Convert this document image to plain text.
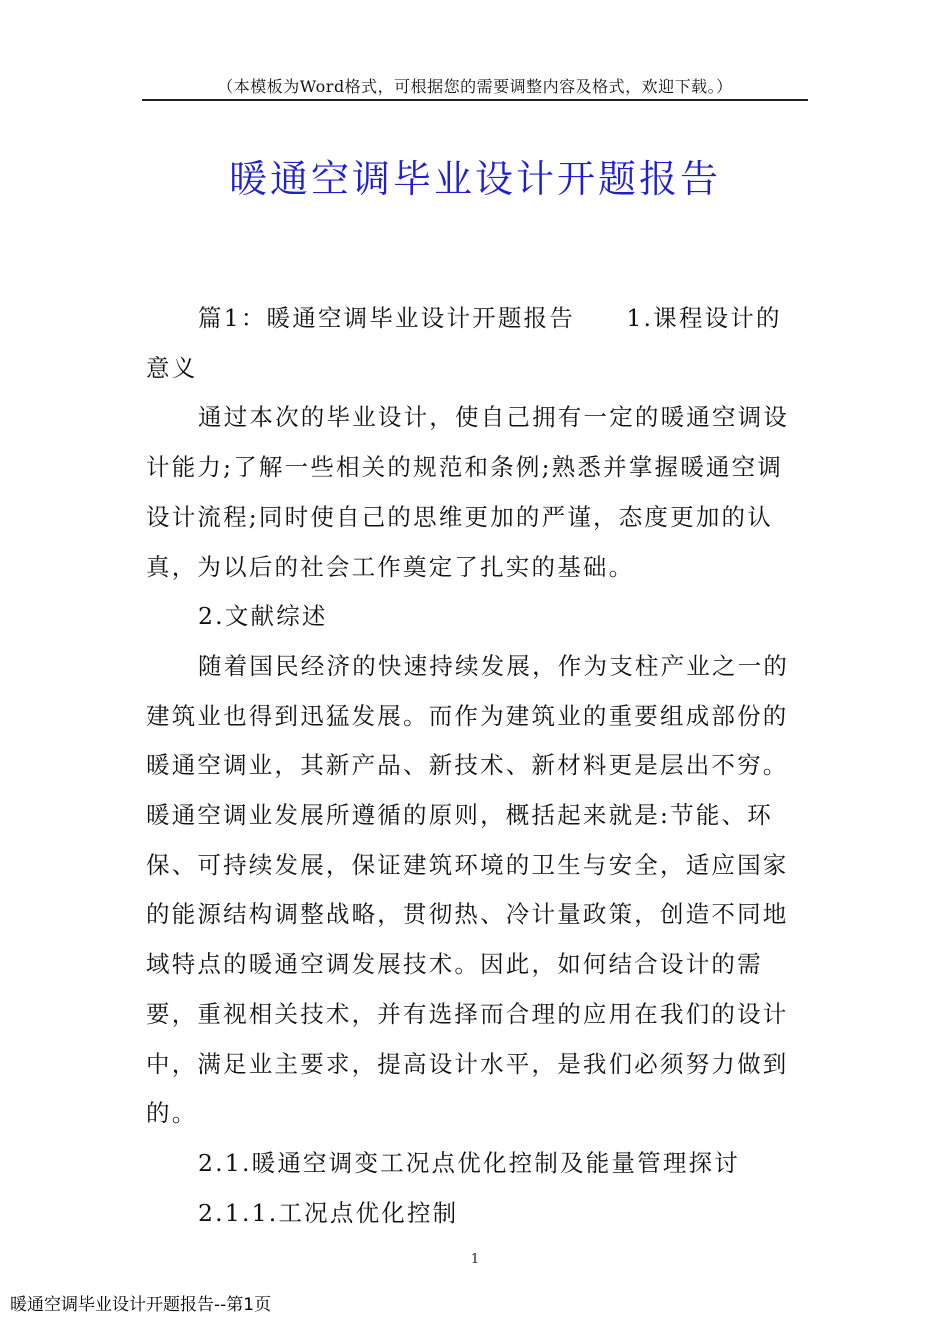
（本模板为Word格式，可根据您的需要调整内容及格式，欢迎下载。）
暖通空调毕业设计开题报告

篇1：暖通空调毕业设计开题报告　　1.课程设计的意义

通过本次的毕业设计，使自己拥有一定的暖通空调设计能力;了解一些相关的规范和条例;熟悉并掌握暖通空调设计流程;同时使自己的思维更加的严谨，态度更加的认真，为以后的社会工作奠定了扎实的基础。

2.文献综述

随着国民经济的快速持续发展，作为支柱产业之一的建筑业也得到迅猛发展。而作为建筑业的重要组成部份的暖通空调业，其新产品、新技术、新材料更是层出不穷。暖通空调业发展所遵循的原则，概括起来就是:节能、环保、可持续发展，保证建筑环境的卫生与安全，适应国家的能源结构调整战略，贯彻热、冷计量政策，创造不同地域特点的暖通空调发展技术。因此，如何结合设计的需要，重视相关技术，并有选择而合理的应用在我们的设计中，满足业主要求，提高设计水平，是我们必须努力做到的。

2.1.暖通空调变工况点优化控制及能量管理探讨

2.1.1.工况点优化控制

1
暖通空调毕业设计开题报告--第1页
